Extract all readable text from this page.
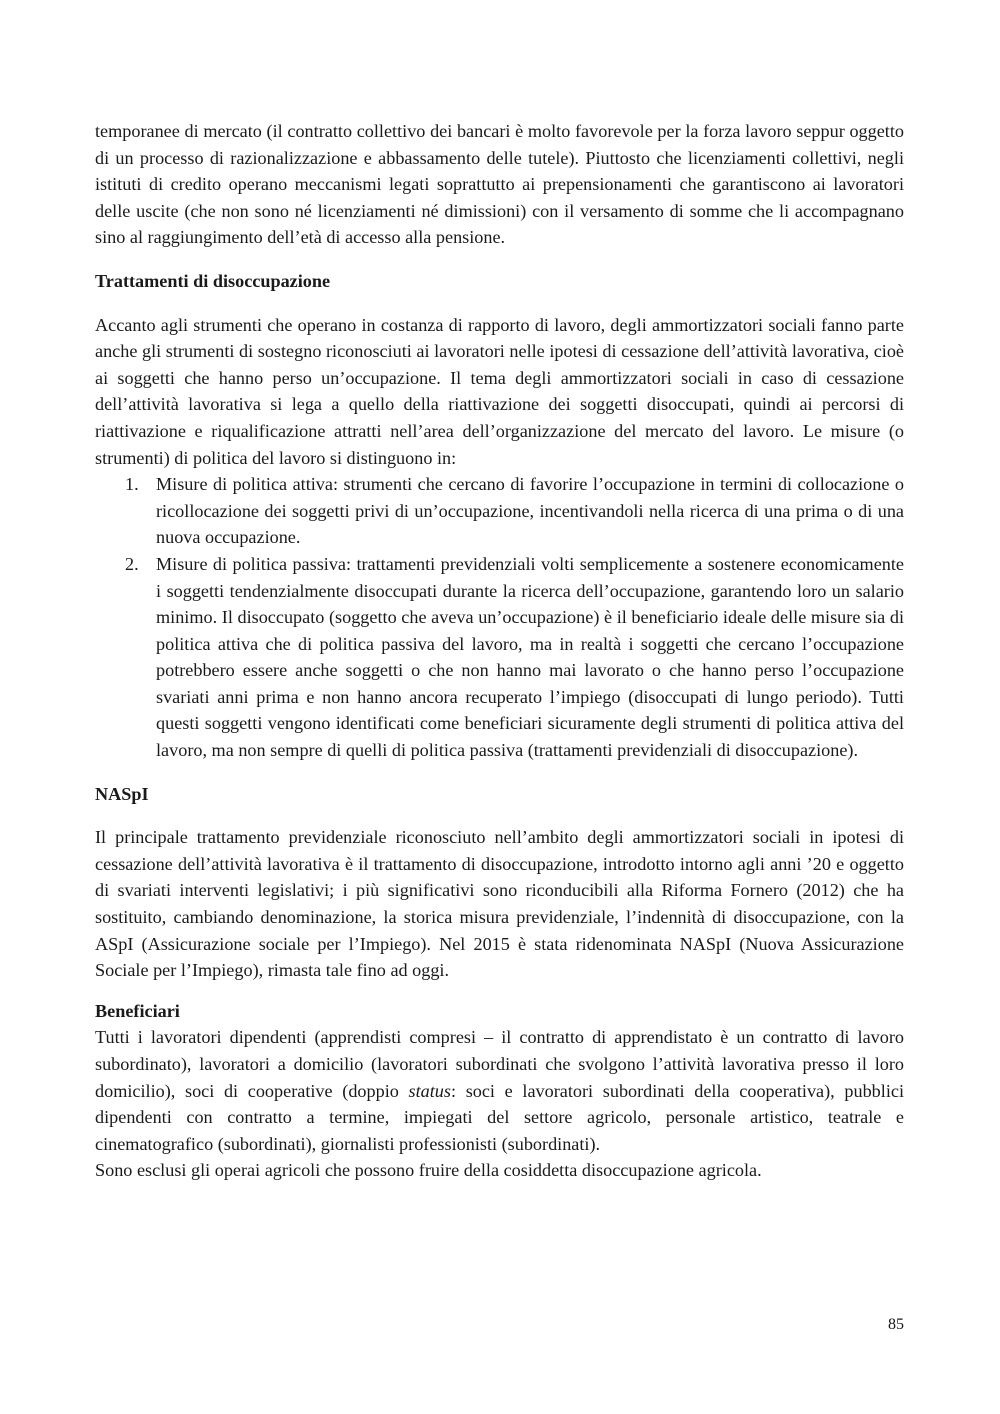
temporanee di mercato (il contratto collettivo dei bancari è molto favorevole per la forza lavoro seppur oggetto di un processo di razionalizzazione e abbassamento delle tutele). Piuttosto che licenziamenti collettivi, negli istituti di credito operano meccanismi legati soprattutto ai prepensionamenti che garantiscono ai lavoratori delle uscite (che non sono né licenziamenti né dimissioni) con il versamento di somme che li accompagnano sino al raggiungimento dell’età di accesso alla pensione.

Trattamenti di disoccupazione

Accanto agli strumenti che operano in costanza di rapporto di lavoro, degli ammortizzatori sociali fanno parte anche gli strumenti di sostegno riconosciuti ai lavoratori nelle ipotesi di cessazione dell’attività lavorativa, cioè ai soggetti che hanno perso un’occupazione. Il tema degli ammortizzatori sociali in caso di cessazione dell’attività lavorativa si lega a quello della riattivazione dei soggetti disoccupati, quindi ai percorsi di riattivazione e riqualificazione attratti nell’area dell’organizzazione del mercato del lavoro. Le misure (o strumenti) di politica del lavoro si distinguono in:

1. Misure di politica attiva: strumenti che cercano di favorire l’occupazione in termini di collocazione o ricollocazione dei soggetti privi di un’occupazione, incentivandoli nella ricerca di una prima o di una nuova occupazione.
2. Misure di politica passiva: trattamenti previdenziali volti semplicemente a sostenere economicamente i soggetti tendenzialmente disoccupati durante la ricerca dell’occupazione, garantendo loro un salario minimo. Il disoccupato (soggetto che aveva un’occupazione) è il beneficiario ideale delle misure sia di politica attiva che di politica passiva del lavoro, ma in realtà i soggetti che cercano l’occupazione potrebbero essere anche soggetti o che non hanno mai lavorato o che hanno perso l’occupazione svariati anni prima e non hanno ancora recuperato l’impiego (disoccupati di lungo periodo). Tutti questi soggetti vengono identificati come beneficiari sicuramente degli strumenti di politica attiva del lavoro, ma non sempre di quelli di politica passiva (trattamenti previdenziali di disoccupazione).

NASpI

Il principale trattamento previdenziale riconosciuto nell’ambito degli ammortizzatori sociali in ipotesi di cessazione dell’attività lavorativa è il trattamento di disoccupazione, introdotto intorno agli anni ’20 e oggetto di svariati interventi legislativi; i più significativi sono riconducibili alla Riforma Fornero (2012) che ha sostituito, cambiando denominazione, la storica misura previdenziale, l’indennità di disoccupazione, con la ASpI (Assicurazione sociale per l’Impiego). Nel 2015 è stata ridenominata NASpI (Nuova Assicurazione Sociale per l’Impiego), rimasta tale fino ad oggi.

Beneficiari

Tutti i lavoratori dipendenti (apprendisti compresi – il contratto di apprendistato è un contratto di lavoro subordinato), lavoratori a domicilio (lavoratori subordinati che svolgono l’attività lavorativa presso il loro domicilio), soci di cooperative (doppio status: soci e lavoratori subordinati della cooperativa), pubblici dipendenti con contratto a termine, impiegati del settore agricolo, personale artistico, teatrale e cinematografico (subordinati), giornalisti professionisti (subordinati).

Sono esclusi gli operai agricoli che possono fruire della cosiddetta disoccupazione agricola.

85
